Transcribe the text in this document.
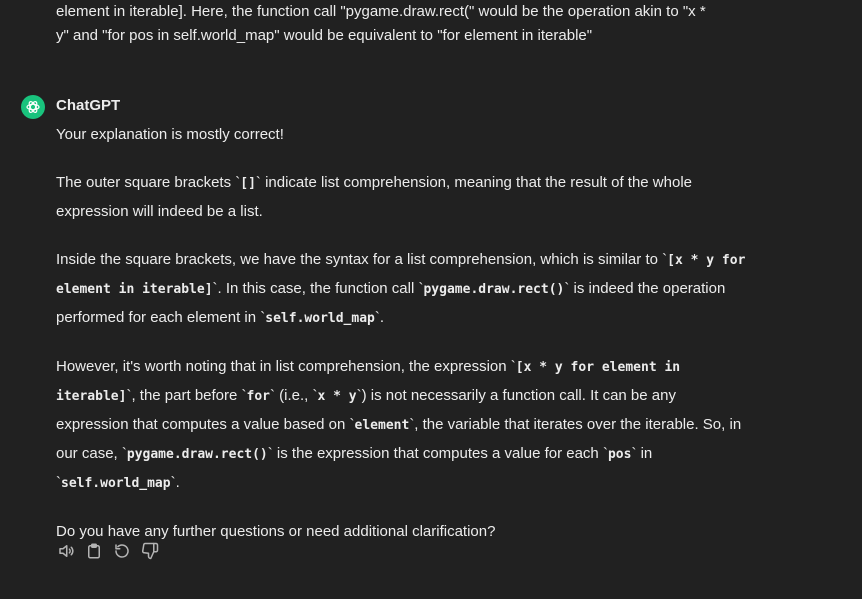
element in iterable]. Here, the function call "pygame.draw.rect(" would be the operation akin to "x *

y" and "for pos in self.world_map" would be equivalent to "for element in iterable"

ChatGPT

Your explanation is mostly correct!

The outer square brackets `[]` indicate list comprehension, meaning that the result of the whole expression will indeed be a list.

Inside the square brackets, we have the syntax for a list comprehension, which is similar to `[x * y for element in iterable]`. In this case, the function call `pygame.draw.rect()` is indeed the operation performed for each element in `self.world_map`.

However, it's worth noting that in list comprehension, the expression `[x * y for element in iterable]`, the part before `for` (i.e., `x * y`) is not necessarily a function call. It can be any expression that computes a value based on `element`, the variable that iterates over the iterable. So, in our case, `pygame.draw.rect()` is the expression that computes a value for each `pos` in `self.world_map`.

Do you have any further questions or need additional clarification?
